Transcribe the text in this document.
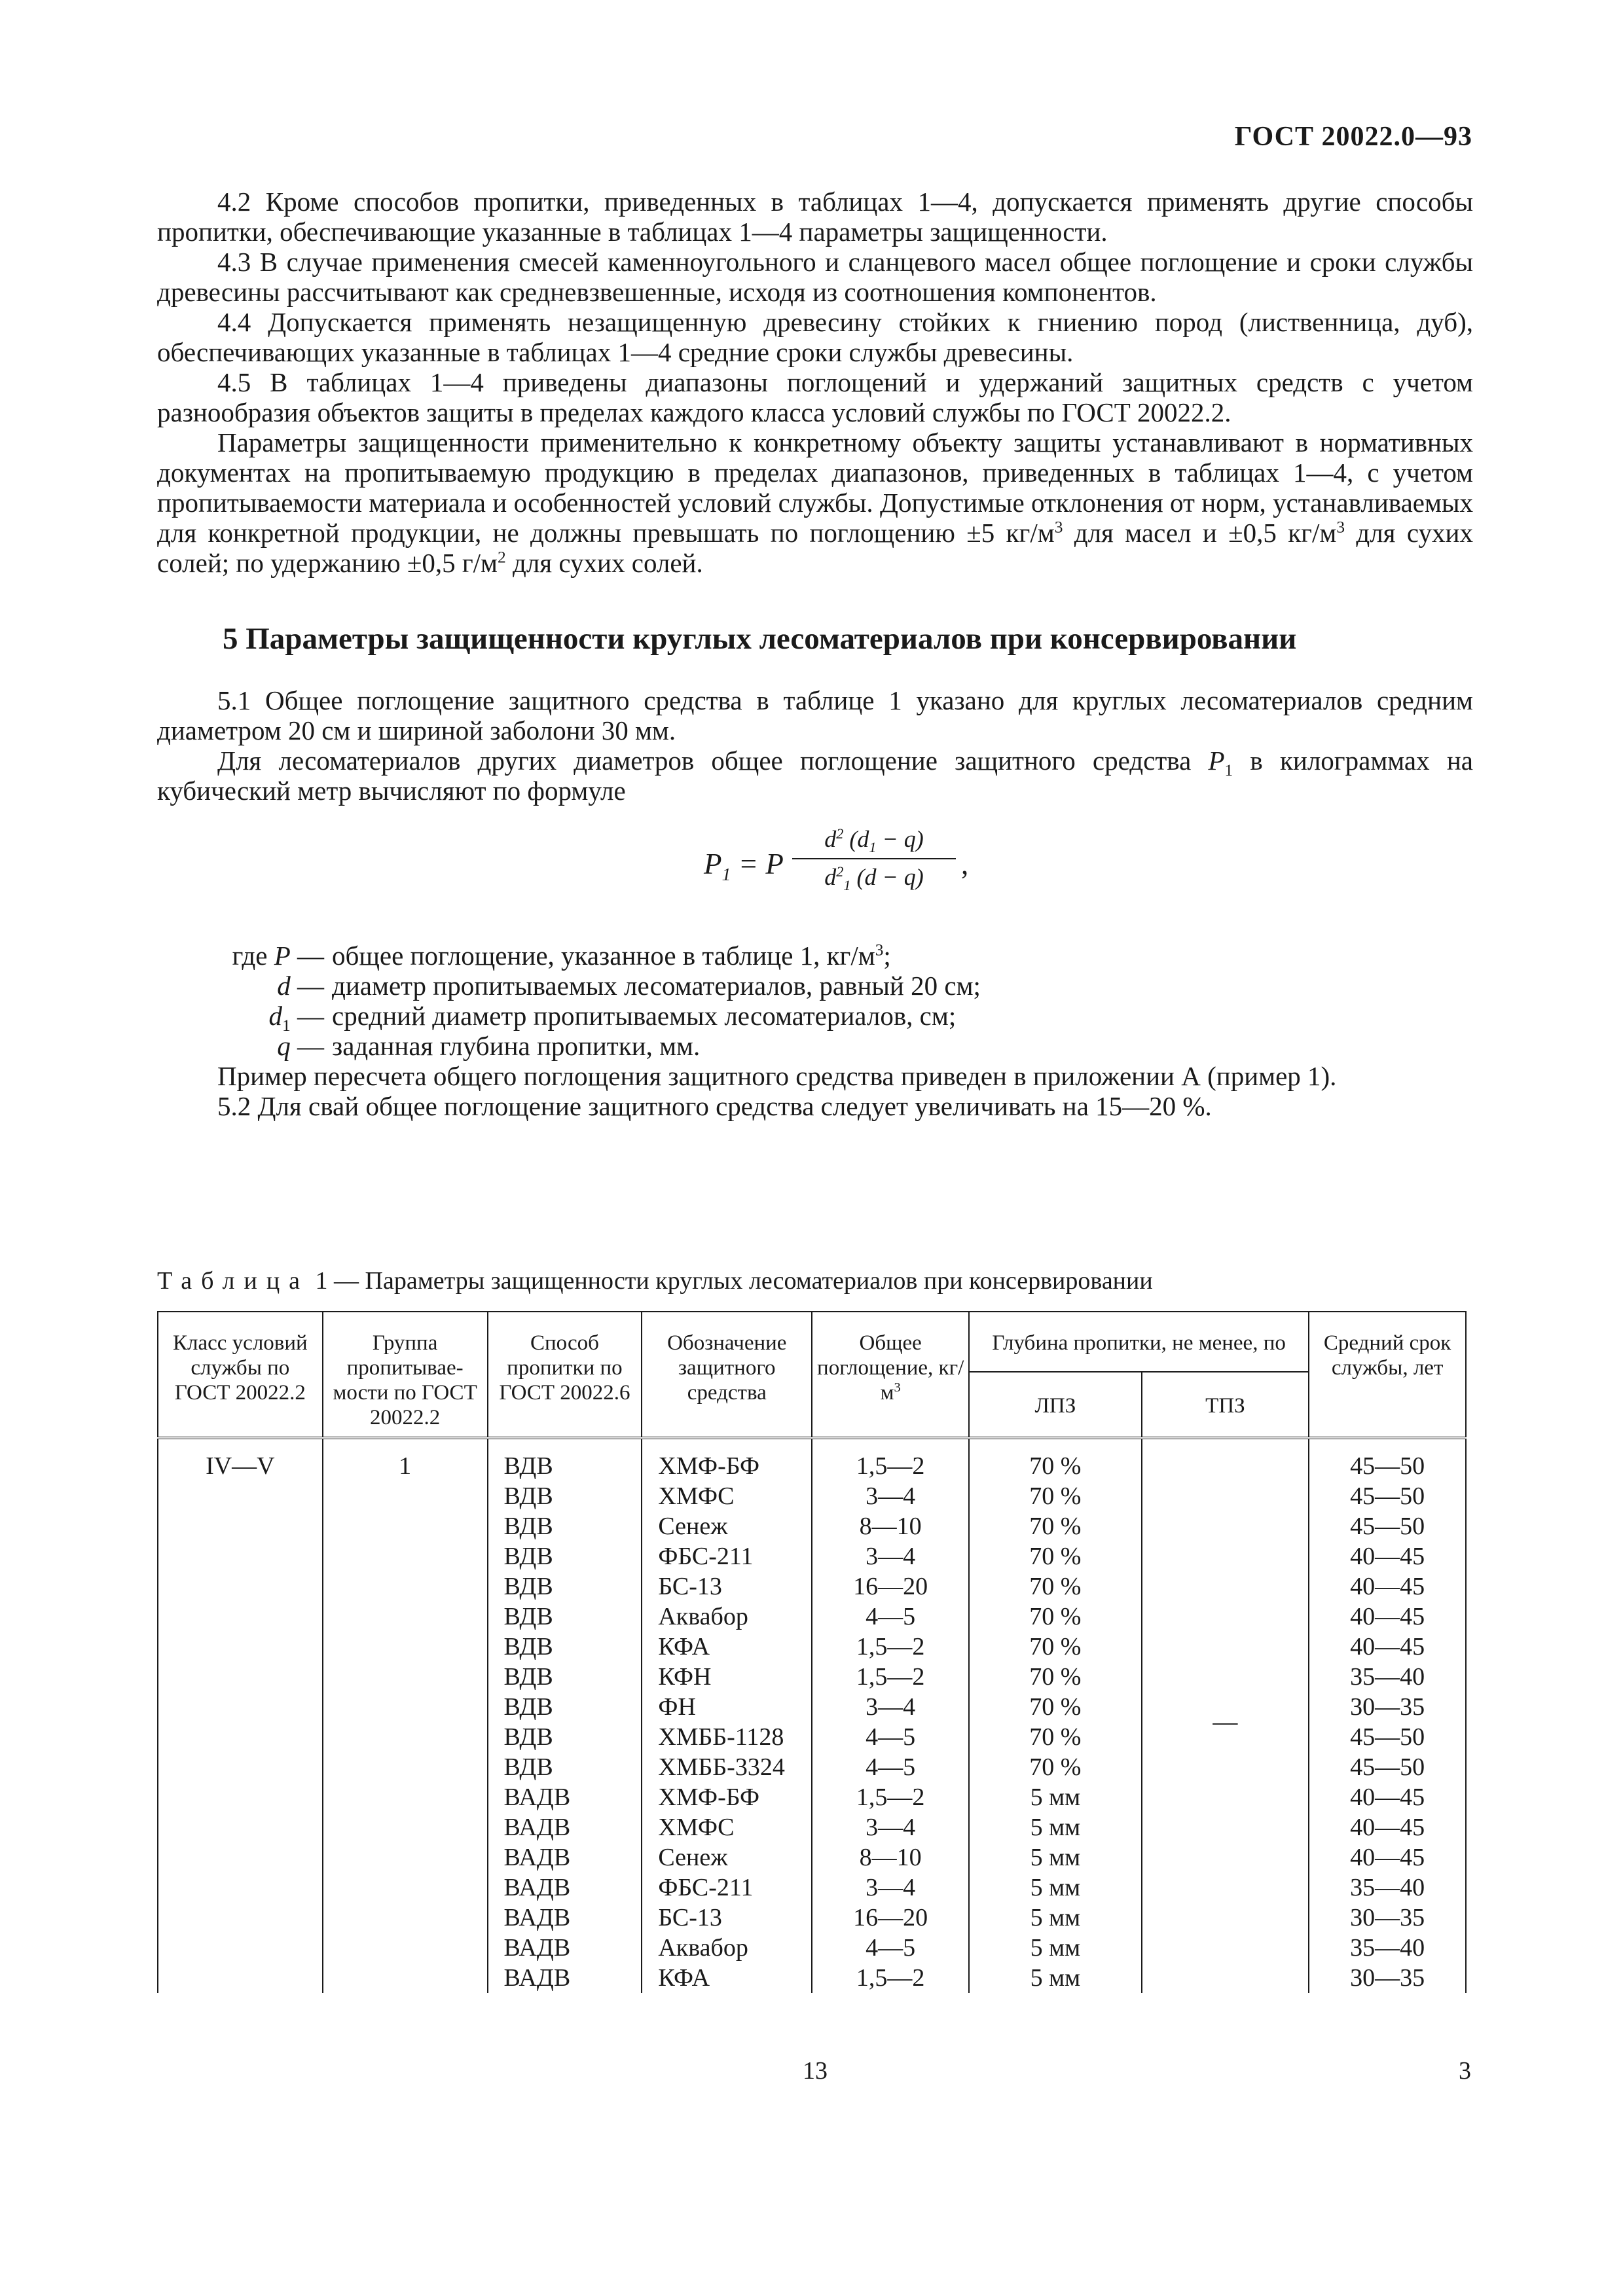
ГОСТ 20022.0—93

4.2 Кроме способов пропитки, приведенных в таблицах 1—4, допускается применять другие способы пропитки, обеспечивающие указанные в таблицах 1—4 параметры защищенности.

4.3 В случае применения смесей каменноугольного и сланцевого масел общее поглощение и сроки службы древесины рассчитывают как средневзвешенные, исходя из соотношения компонентов.

4.4 Допускается применять незащищенную древесину стойких к гниению пород (лиственница, дуб), обеспечивающих указанные в таблицах 1—4 средние сроки службы древесины.

4.5 В таблицах 1—4 приведены диапазоны поглощений и удержаний защитных средств с учетом разнообразия объектов защиты в пределах каждого класса условий службы по ГОСТ 20022.2.

Параметры защищенности применительно к конкретному объекту защиты устанавливают в нормативных документах на пропитываемую продукцию в пределах диапазонов, приведенных в таблицах 1—4, с учетом пропитываемости материала и особенностей условий службы. Допустимые отклонения от норм, устанавливаемых для конкретной продукции, не должны превышать по поглощению ±5 $кг/м^3$ для масел и ±0,5 $кг/м^3$ для сухих солей; по удержанию ±0,5 $г/м^2$ для сухих солей.

5 Параметры защищенности круглых лесоматериалов при консервировании

5.1 Общее поглощение защитного средства в таблице 1 указано для круглых лесоматериалов средним диаметром 20 см и шириной заболони 30 мм.

Для лесоматериалов других диаметров общее поглощение защитного средства $P_1$ в килограммах на кубический метр вычисляют по формуле

$P_1 = P \frac{d^2 (d_1 - q)}{d^2_1 (d - q)}$ ,
где P — общее поглощение, указанное в таблице 1, $кг/м^3$;
d — диаметр пропитываемых лесоматериалов, равный 20 см;
$d_1$ — средний диаметр пропитываемых лесоматериалов, см;
q — заданная глубина пропитки, мм.

Пример пересчета общего поглощения защитного средства приведен в приложении А (пример 1).

5.2 Для свай общее поглощение защитного средства следует увеличивать на 15—20 %.

Таблица 1 — Параметры защищенности круглых лесоматериалов при консервировании
Класс условий службы по ГОСТ 20022.2	Группа пропитывае-мости по ГОСТ 20022.2	Способ пропитки по ГОСТ 20022.6	Обозначение защитного средства	Общее поглощение, $кг/м^3$	Глубина пропитки, не менее, по		Средний срок службы, лет
					ЛПЗ	ТПЗ	

IV—V	1	ВДВ	ХМФ-БФ	1,5—2	70 %	—	45—50
		ВДВ	ХМФС	3—4	70 %		45—50
		ВДВ	Сенеж	8—10	70 %		45—50
		ВДВ	ФБС-211	3—4	70 %		40—45
		ВДВ	БС-13	16—20	70 %		40—45
		ВДВ	Аквабор	4—5	70 %		40—45
		ВДВ	КФА	1,5—2	70 %		40—45
		ВДВ	КФН	1,5—2	70 %		35—40
		ВДВ	ФН	3—4	70 %		30—35
		ВДВ	ХМББ-1128	4—5	70 %		45—50
		ВДВ	ХМББ-3324	4—5	70 %		45—50
		ВАДВ	ХМФ-БФ	1,5—2	5 мм		40—45
		ВАДВ	ХМФС	3—4	5 мм		40—45
		ВАДВ	Сенеж	8—10	5 мм		40—45
		ВАДВ	ФБС-211	3—4	5 мм		35—40
		ВАДВ	БС-13	16—20	5 мм		30—35
		ВАДВ	Аквабор	4—5	5 мм		35—40
		ВАДВ	КФА	1,5—2	5 мм		30—35
13	3
